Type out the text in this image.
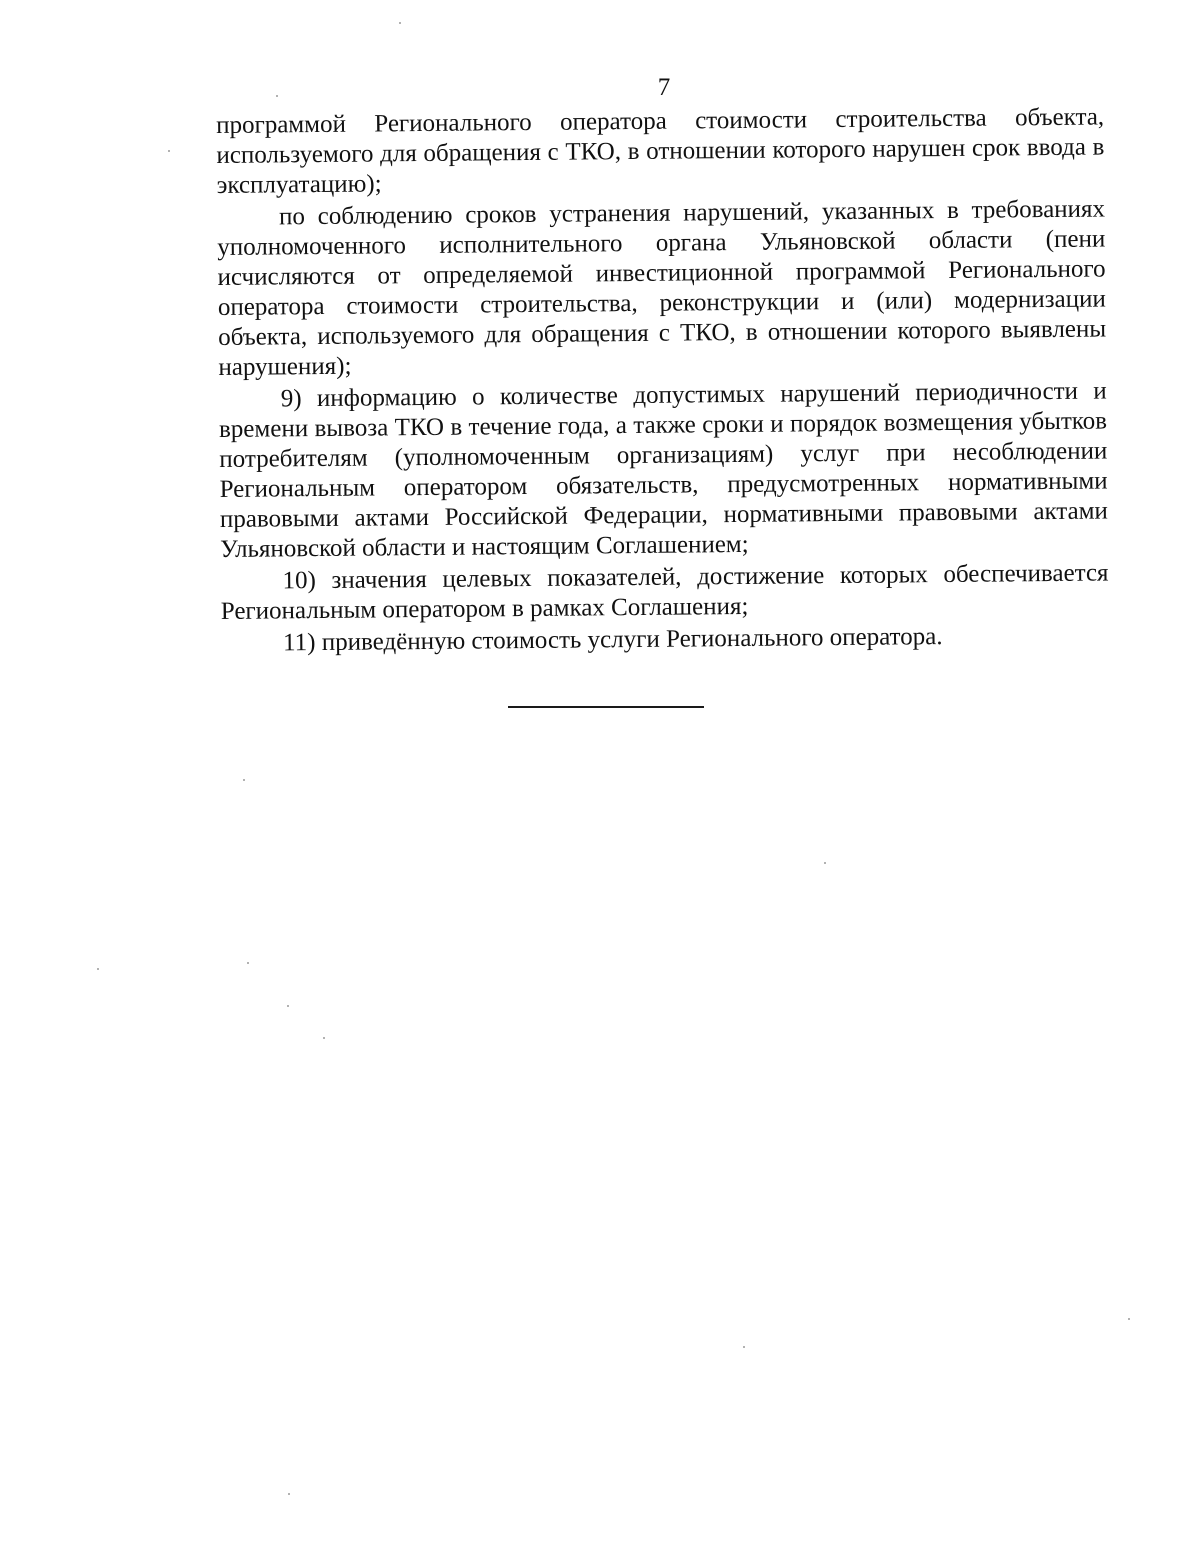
7

программой Регионального оператора стоимости строительства объекта, используемого для обращения с ТКО, в отношении которого нарушен срок ввода в эксплуатацию);

по соблюдению сроков устранения нарушений, указанных в требованиях уполномоченного исполнительного органа Ульяновской области (пени исчисляются от определяемой инвестиционной программой Регионального оператора стоимости строительства, реконструкции и (или) модернизации объекта, используемого для обращения с ТКО, в отношении которого выявлены нарушения);

9) информацию о количестве допустимых нарушений периодичности и времени вывоза ТКО в течение года, а также сроки и порядок возмещения убытков потребителям (уполномоченным организациям) услуг при несоблюдении Региональным оператором обязательств, предусмотренных нормативными правовыми актами Российской Федерации, нормативными правовыми актами Ульяновской области и настоящим Соглашением;

10) значения целевых показателей, достижение которых обеспечивается Региональным оператором в рамках Соглашения;

11) приведённую стоимость услуги Регионального оператора.
